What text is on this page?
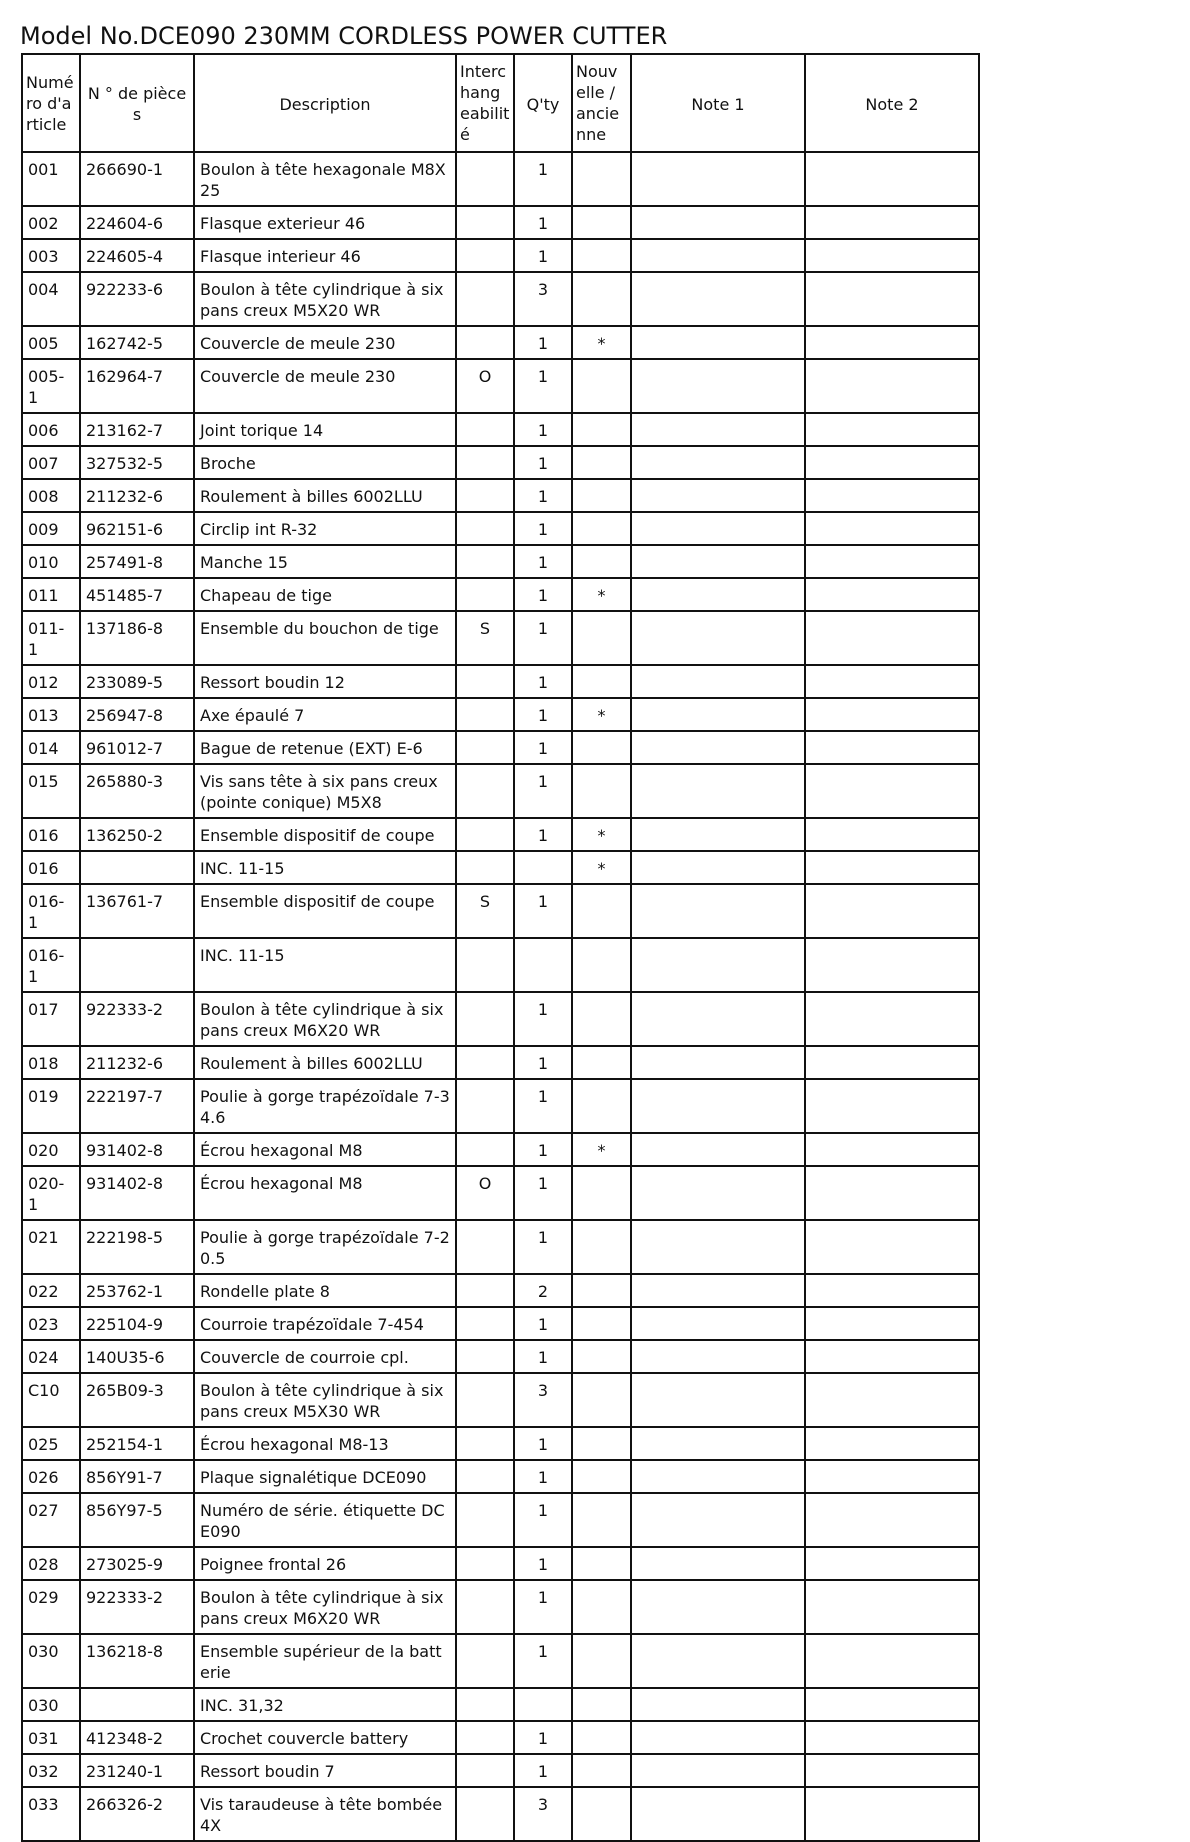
Model No.DCE090 230MM CORDLESS POWER CUTTER
Numé ro d'a rticle	N ° de pièces	Description	Interc hang eabilit é	Q'ty	Nouv elle / ancie nne	Note 1	Note 2

001	266690-1	Boulon à tête hexagonale M8X25		1			

002	224604-6	Flasque exterieur 46		1			

003	224605-4	Flasque interieur 46		1			

004	922233-6	Boulon à tête cylindrique à six pans creux M5X20 WR		3			

005	162742-5	Couvercle de meule 230		1	*		

005-1	162964-7	Couvercle de meule 230	O	1			

006	213162-7	Joint torique 14		1			

007	327532-5	Broche		1			

008	211232-6	Roulement à billes 6002LLU		1			

009	962151-6	Circlip int R-32		1			

010	257491-8	Manche 15		1			

011	451485-7	Chapeau de tige		1	*		

011-1	137186-8	Ensemble du bouchon de tige	S	1			

012	233089-5	Ressort boudin 12		1			

013	256947-8	Axe épaulé 7		1	*		

014	961012-7	Bague de retenue (EXT) E-6		1			

015	265880-3	Vis sans tête à six pans creux (pointe conique) M5X8		1			

016	136250-2	Ensemble dispositif de coupe		1	*		

016		INC. 11-15			*		

016-1	136761-7	Ensemble dispositif de coupe	S	1			

016-1		INC. 11-15					

017	922333-2	Boulon à tête cylindrique à six pans creux M6X20 WR		1			

018	211232-6	Roulement à billes 6002LLU		1			

019	222197-7	Poulie à gorge trapézoïdale 7-34.6		1			

020	931402-8	Écrou hexagonal M8		1	*		

020-1	931402-8	Écrou hexagonal M8	O	1			

021	222198-5	Poulie à gorge trapézoïdale 7-20.5		1			

022	253762-1	Rondelle plate 8		2			

023	225104-9	Courroie trapézoïdale 7-454		1			

024	140U35-6	Couvercle de courroie cpl.		1			

C10	265B09-3	Boulon à tête cylindrique à six pans creux M5X30 WR		3			

025	252154-1	Écrou hexagonal M8-13		1			

026	856Y91-7	Plaque signalétique DCE090		1			

027	856Y97-5	Numéro de série. étiquette DCE090		1			

028	273025-9	Poignee frontal 26		1			

029	922333-2	Boulon à tête cylindrique à six pans creux M6X20 WR		1			

030	136218-8	Ensemble supérieur de la batterie		1			

030		INC. 31,32					

031	412348-2	Crochet couvercle battery		1			

032	231240-1	Ressort boudin 7		1			

033	266326-2	Vis taraudeuse à tête bombée 4X		3			
